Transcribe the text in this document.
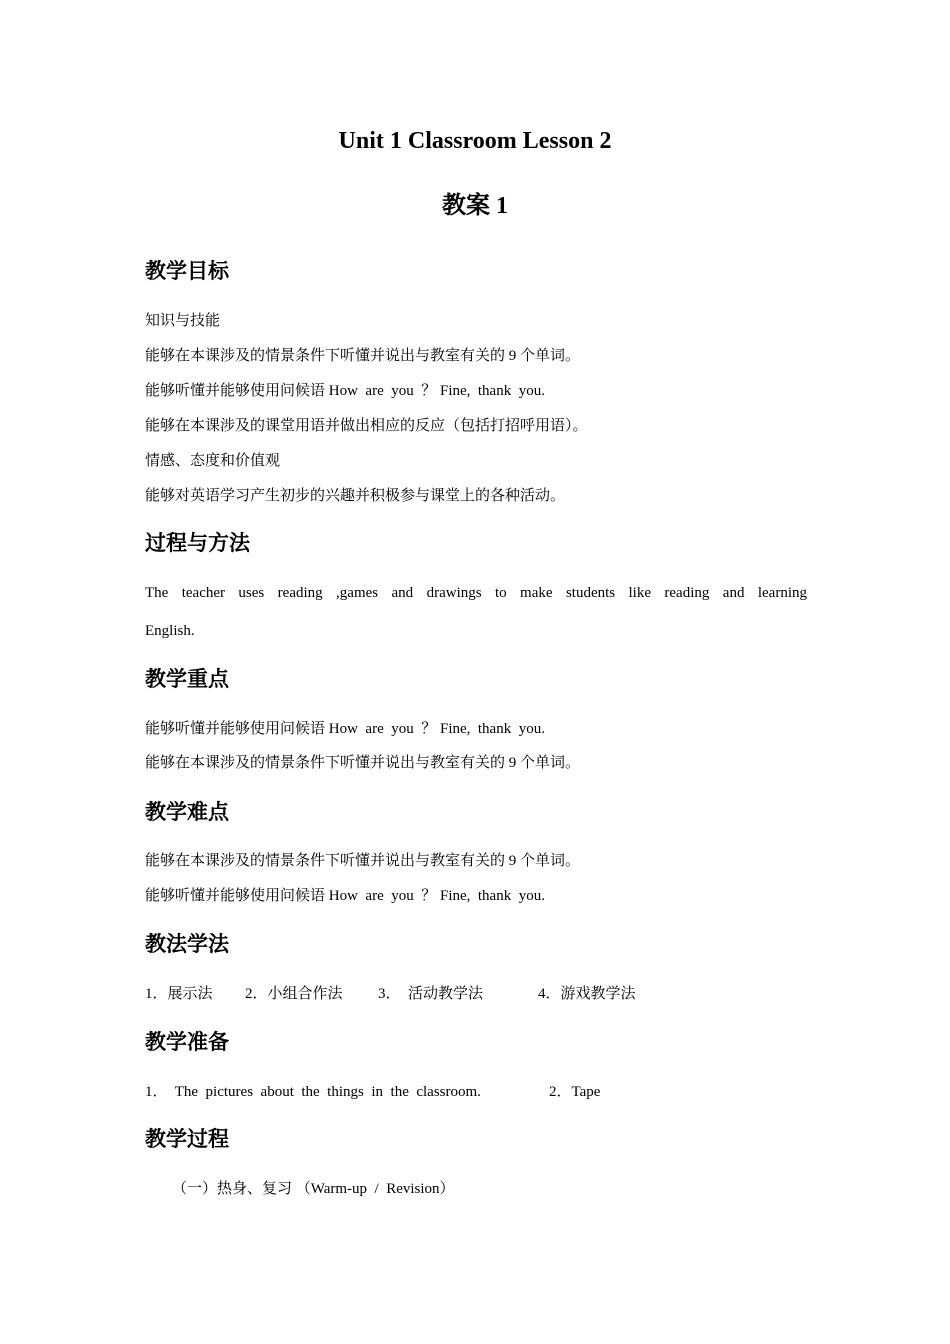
Unit 1 Classroom Lesson 2
教案 1
教学目标

知识与技能

能够在本课涉及的情景条件下听懂并说出与教室有关的 9 个单词。

能够听懂并能够使用问候语 How  are  you  ？ Fine,  thank  you.

能够在本课涉及的课堂用语并做出相应的反应（包括打招呼用语）。

情感、态度和价值观

能够对英语学习产生初步的兴趣并积极参与课堂上的各种活动。

过程与方法

The teacher uses reading ,games and drawings to make students like reading and learning

English.

教学重点

能够听懂并能够使用问候语 How  are  you  ？ Fine,  thank  you.

能够在本课涉及的情景条件下听懂并说出与教室有关的 9 个单词。

教学难点

能够在本课涉及的情景条件下听懂并说出与教室有关的 9 个单词。

能够听懂并能够使用问候语 How  are  you  ？ Fine,  thank  you.

教法学法

1．展示法 2．小组合作法 3．  活动教学法	4．游戏教学法

教学准备

1．  The  pictures  about  the  things  in  the  classroom.	2．Tape

教学过程

（一）热身、复习 （Warm-up  /  Revision）
